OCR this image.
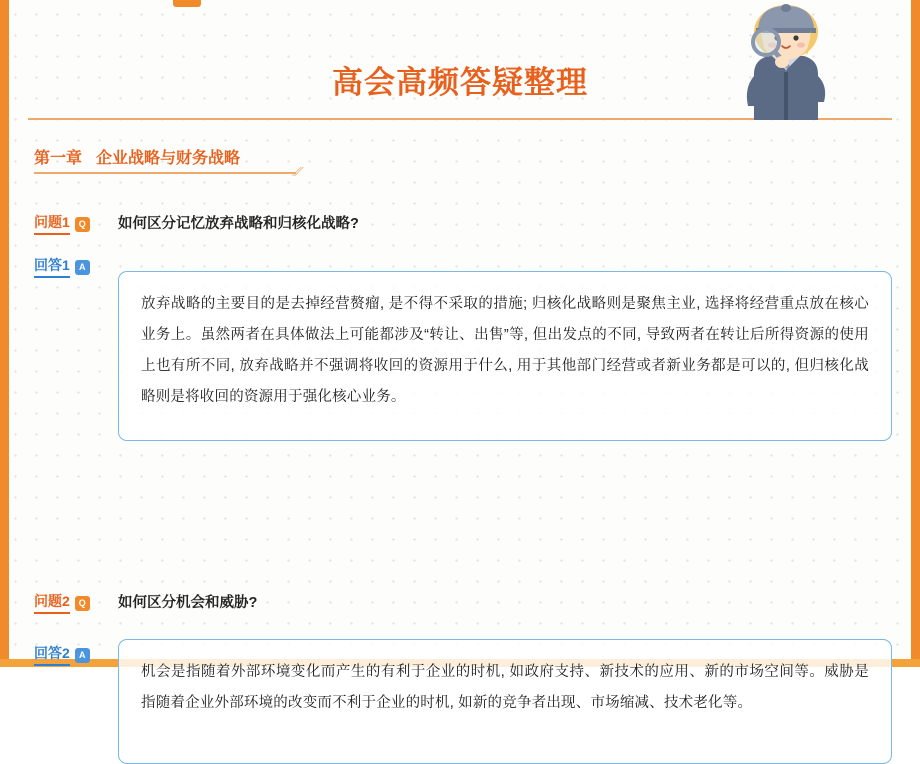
高会高频答疑整理
第一章 企业战略与财务战略
⁄⁄
问题1 Q 如何区分记忆放弃战略和归核化战略?
回答1	A
放弃战略的主要目的是去掉经营赘瘤, 是不得不采取的措施; 归核化战略则是聚焦主业, 选择将经营重点放在核心业务上。虽然两者在具体做法上可能都涉及“转让、出售”等, 但出发点的不同, 导致两者在转让后所得资源的使用上也有所不同, 放弃战略并不强调将收回的资源用于什么, 用于其他部门经营或者新业务都是可以的, 但归核化战略则是将收回的资源用于强化核心业务。
问题2 Q 如何区分机会和威胁?
回答2	A
机会是指随着外部环境变化而产生的有利于企业的时机, 如政府支持、新技术的应用、新的市场空间等。威胁是指随着企业外部环境的改变而不利于企业的时机, 如新的竞争者出现、市场缩减、技术老化等。
